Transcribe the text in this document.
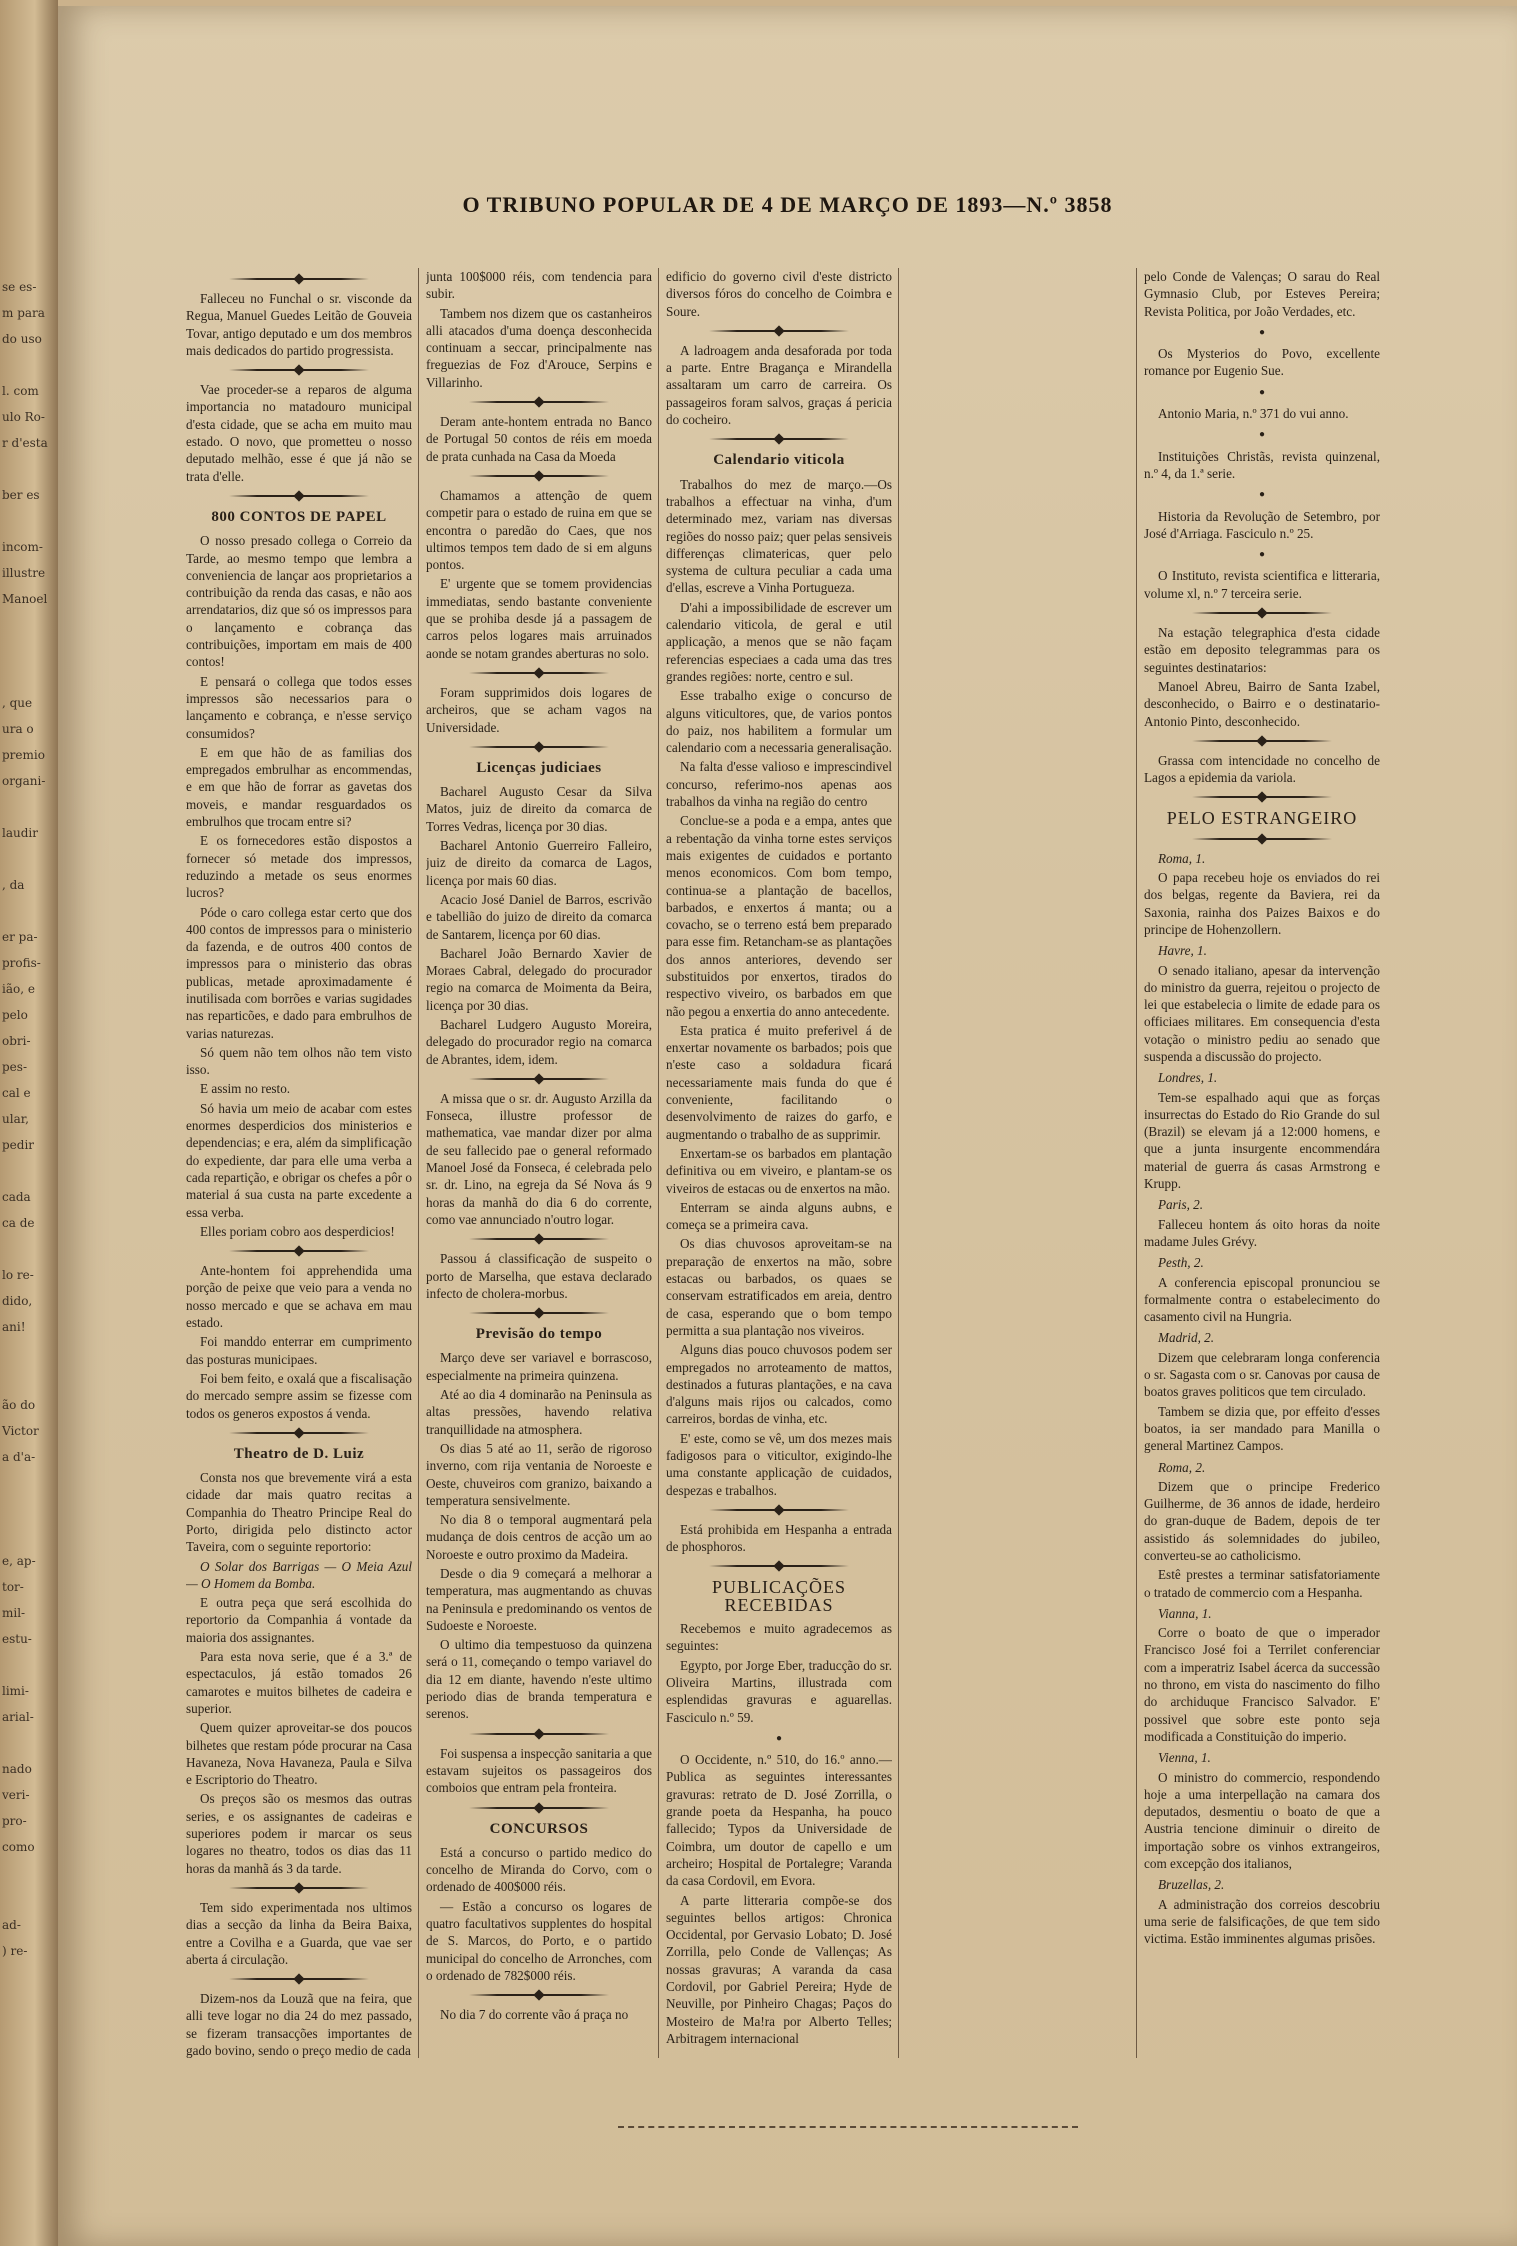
se es-
m para
do uso
l. com
ulo Ro-
r d'esta
ber es
incom-
illustre
Manoel
, que
ura o
premio
organi-
laudir
, da
er pa-
profis-
ião, e
pelo
obri-
pes-
cal e
ular,
pedir
cada
ca de
lo re-
dido,
ani!
ão do
Victor
a d'a-
e, ap-
tor-
mil-
estu-
limi-
arial-
nado
veri-
pro-
como
ad-
) re-
O TRIBUNO POPULAR DE 4 DE MARÇO DE 1893—N.º 3858

Falleceu no Funchal o sr. visconde da Regua, Manuel Guedes Leitão de Gouveia Tovar, antigo deputado e um dos membros mais dedicados do partido progressista.

Vae proceder-se a reparos de alguma importancia no matadouro municipal d'esta cidade, que se acha em muito mau estado. O novo, que prometteu o nosso deputado melhão, esse é que já não se trata d'elle.

800 CONTOS DE PAPEL

O nosso presado collega o Correio da Tarde, ao mesmo tempo que lembra a conveniencia de lançar aos proprietarios a contribuição da renda das casas, e não aos arrendatarios, diz que só os impressos para o lançamento e cobrança das contribuições, importam em mais de 400 contos!

E pensará o collega que todos esses impressos são necessarios para o lançamento e cobrança, e n'esse serviço consumidos?

E em que hão de as familias dos empregados embrulhar as encommendas, e em que hão de forrar as gavetas dos moveis, e mandar resguardados os embrulhos que trocam entre si?

E os fornecedores estão dispostos a fornecer só metade dos impressos, reduzindo a metade os seus enormes lucros?

Póde o caro collega estar certo que dos 400 contos de impressos para o ministerio da fazenda, e de outros 400 contos de impressos para o ministerio das obras publicas, metade aproximadamente é inutilisada com borrões e varias sugidades nas reparticões, e dado para embrulhos de varias naturezas.

Só quem não tem olhos não tem visto isso.

E assim no resto.

Só havia um meio de acabar com estes enormes desperdicios dos ministerios e dependencias; e era, além da simplificação do expediente, dar para elle uma verba a cada repartição, e obrigar os chefes a pôr o material á sua custa na parte excedente a essa verba.

Elles poriam cobro aos desperdicios!

Ante-hontem foi apprehendida uma porção de peixe que veio para a venda no nosso mercado e que se achava em mau estado.

Foi manddo enterrar em cumprimento das posturas municipaes.

Foi bem feito, e oxalá que a fiscalisação do mercado sempre assim se fizesse com todos os generos expostos á venda.

Theatro de D. Luiz

Consta nos que brevemente virá a esta cidade dar mais quatro recitas a Companhia do Theatro Principe Real do Porto, dirigida pelo distincto actor Taveira, com o seguinte reportorio:

O Solar dos Barrigas — O Meia Azul — O Homem da Bomba.

E outra peça que será escolhida do reportorio da Companhia á vontade da maioria dos assignantes.

Para esta nova serie, que é a 3.ª de espectaculos, já estão tomados 26 camarotes e muitos bilhetes de cadeira e superior.

Quem quizer aproveitar-se dos poucos bilhetes que restam póde procurar na Casa Havaneza, Nova Havaneza, Paula e Silva e Escriptorio do Theatro.

Os preços são os mesmos das outras series, e os assignantes de cadeiras e superiores podem ir marcar os seus logares no theatro, todos os dias das 11 horas da manhã ás 3 da tarde.

Tem sido experimentada nos ultimos dias a secção da linha da Beira Baixa, entre a Covilha e a Guarda, que vae ser aberta á circulação.

Dizem-nos da Louzã que na feira, que alli teve logar no dia 24 do mez passado, se fizeram transacções importantes de gado bovino, sendo o preço medio de cada

junta 100$000 réis, com tendencia para subir.

Tambem nos dizem que os castanheiros alli atacados d'uma doença desconhecida continuam a seccar, principalmente nas freguezias de Foz d'Arouce, Serpins e Villarinho.

Deram ante-hontem entrada no Banco de Portugal 50 contos de réis em moeda de prata cunhada na Casa da Moeda

Chamamos a attenção de quem competir para o estado de ruina em que se encontra o paredão do Caes, que nos ultimos tempos tem dado de si em alguns pontos.

E' urgente que se tomem providencias immediatas, sendo bastante conveniente que se prohiba desde já a passagem de carros pelos logares mais arruinados aonde se notam grandes aberturas no solo.

Foram supprimidos dois logares de archeiros, que se acham vagos na Universidade.

Licenças judiciaes

Bacharel Augusto Cesar da Silva Matos, juiz de direito da comarca de Torres Vedras, licença por 30 dias.

Bacharel Antonio Guerreiro Falleiro, juiz de direito da comarca de Lagos, licença por mais 60 dias.

Acacio José Daniel de Barros, escrivão e tabellião do juizo de direito da comarca de Santarem, licença por 60 dias.

Bacharel João Bernardo Xavier de Moraes Cabral, delegado do procurador regio na comarca de Moimenta da Beira, licença por 30 dias.

Bacharel Ludgero Augusto Moreira, delegado do procurador regio na comarca de Abrantes, idem, idem.

A missa que o sr. dr. Augusto Arzilla da Fonseca, illustre professor de mathematica, vae mandar dizer por alma de seu fallecido pae o general reformado Manoel José da Fonseca, é celebrada pelo sr. dr. Lino, na egreja da Sé Nova ás 9 horas da manhã do dia 6 do corrente, como vae annunciado n'outro logar.

Passou á classificação de suspeito o porto de Marselha, que estava declarado infecto de cholera-morbus.

Previsão do tempo

Março deve ser variavel e borrascoso, especialmente na primeira quinzena.

Até ao dia 4 dominarão na Peninsula as altas pressões, havendo relativa tranquillidade na atmosphera.

Os dias 5 até ao 11, serão de rigoroso inverno, com rija ventania de Noroeste e Oeste, chuveiros com granizo, baixando a temperatura sensivelmente.

No dia 8 o temporal augmentará pela mudança de dois centros de acção um ao Noroeste e outro proximo da Madeira.

Desde o dia 9 começará a melhorar a temperatura, mas augmentando as chuvas na Peninsula e predominando os ventos de Sudoeste e Noroeste.

O ultimo dia tempestuoso da quinzena será o 11, começando o tempo variavel do dia 12 em diante, havendo n'este ultimo periodo dias de branda temperatura e serenos.

Foi suspensa a inspecção sanitaria a que estavam sujeitos os passageiros dos comboios que entram pela fronteira.

CONCURSOS

Está a concurso o partido medico do concelho de Miranda do Corvo, com o ordenado de 400$000 réis.

— Estão a concurso os logares de quatro facultativos supplentes do hospital de S. Marcos, do Porto, e o partido municipal do concelho de Arronches, com o ordenado de 782$000 réis.

No dia 7 do corrente vão á praça no

edificio do governo civil d'este districto diversos fóros do concelho de Coimbra e Soure.

A ladroagem anda desaforada por toda a parte. Entre Bragança e Mirandella assaltaram um carro de carreira. Os passageiros foram salvos, graças á pericia do cocheiro.

Calendario viticola

Trabalhos do mez de março.—Os trabalhos a effectuar na vinha, d'um determinado mez, variam nas diversas regiões do nosso paiz; quer pelas sensiveis differenças climatericas, quer pelo systema de cultura peculiar a cada uma d'ellas, escreve a Vinha Portugueza.

D'ahi a impossibilidade de escrever um calendario viticola, de geral e util applicação, a menos que se não façam referencias especiaes a cada uma das tres grandes regiões: norte, centro e sul.

Esse trabalho exige o concurso de alguns viticultores, que, de varios pontos do paiz, nos habilitem a formular um calendario com a necessaria generalisação.

Na falta d'esse valioso e imprescindivel concurso, referimo-nos apenas aos trabalhos da vinha na região do centro

Conclue-se a poda e a empa, antes que a rebentação da vinha torne estes serviços mais exigentes de cuidados e portanto menos economicos. Com bom tempo, continua-se a plantação de bacellos, barbados, e enxertos á manta; ou a covacho, se o terreno está bem preparado para esse fim. Retancham-se as plantações dos annos anteriores, devendo ser substituidos por enxertos, tirados do respectivo viveiro, os barbados em que não pegou a enxertia do anno antecedente.

Esta pratica é muito preferivel á de enxertar novamente os barbados; pois que n'este caso a soldadura ficará necessariamente mais funda do que é conveniente, facilitando o desenvolvimento de raizes do garfo, e augmentando o trabalho de as supprimir.

Enxertam-se os barbados em plantação definitiva ou em viveiro, e plantam-se os viveiros de estacas ou de enxertos na mão.

Enterram se ainda alguns aubns, e começa se a primeira cava.

Os dias chuvosos aproveitam-se na preparação de enxertos na mão, sobre estacas ou barbados, os quaes se conservam estratificados em areia, dentro de casa, esperando que o bom tempo permitta a sua plantação nos viveiros.

Alguns dias pouco chuvosos podem ser empregados no arroteamento de mattos, destinados a futuras plantações, e na cava d'alguns mais rijos ou calcados, como carreiros, bordas de vinha, etc.

E' este, como se vê, um dos mezes mais fadigosos para o viticultor, exigindo-lhe uma constante applicação de cuidados, despezas e trabalhos.

Está prohibida em Hespanha a entrada de phosphoros.

PUBLICAÇÕES RECEBIDAS

Recebemos e muito agradecemos as seguintes:

Egypto, por Jorge Eber, traducção do sr. Oliveira Martins, illustrada com esplendidas gravuras e aguarellas. Fasciculo n.º 59.

●

O Occidente, n.º 510, do 16.º anno.—Publica as seguintes interessantes gravuras: retrato de D. José Zorrilla, o grande poeta da Hespanha, ha pouco fallecido; Typos da Universidade de Coimbra, um doutor de capello e um archeiro; Hospital de Portalegre; Varanda da casa Cordovil, em Evora.

A parte litteraria compõe-se dos seguintes bellos artigos: Chronica Occidental, por Gervasio Lobato; D. José Zorrilla, pelo Conde de Vallenças; As nossas gravuras; A varanda da casa Cordovil, por Gabriel Pereira; Hyde de Neuville, por Pinheiro Chagas; Paços do Mosteiro de Ma!ra por Alberto Telles; Arbitragem internacional

pelo Conde de Valenças; O sarau do Real Gymnasio Club, por Esteves Pereira; Revista Politica, por João Verdades, etc.

●

Os Mysterios do Povo, excellente romance por Eugenio Sue.

●

Antonio Maria, n.º 371 do vui anno.

●

Instituições Christãs, revista quinzenal, n.º 4, da 1.ª serie.

●

Historia da Revolução de Setembro, por José d'Arriaga. Fasciculo n.º 25.

●

O Instituto, revista scientifica e litteraria, volume xl, n.º 7 terceira serie.

Na estação telegraphica d'esta cidade estão em deposito telegrammas para os seguintes destinatarios:

Manoel Abreu, Bairro de Santa Izabel, desconhecido, o Bairro e o destinatario-Antonio Pinto, desconhecido.

Grassa com intencidade no concelho de Lagos a epidemia da variola.

PELO ESTRANGEIRO

Roma, 1.

O papa recebeu hoje os enviados do rei dos belgas, regente da Baviera, rei da Saxonia, rainha dos Paizes Baixos e do principe de Hohenzollern.

Havre, 1.

O senado italiano, apesar da intervenção do ministro da guerra, rejeitou o projecto de lei que estabelecia o limite de edade para os officiaes militares. Em consequencia d'esta votação o ministro pediu ao senado que suspenda a discussão do projecto.

Londres, 1.

Tem-se espalhado aqui que as forças insurrectas do Estado do Rio Grande do sul (Brazil) se elevam já a 12:000 homens, e que a junta insurgente encommendára material de guerra ás casas Armstrong e Krupp.

Paris, 2.

Falleceu hontem ás oito horas da noite madame Jules Grévy.

Pesth, 2.

A conferencia episcopal pronunciou se formalmente contra o estabelecimento do casamento civil na Hungria.

Madrid, 2.

Dizem que celebraram longa conferencia o sr. Sagasta com o sr. Canovas por causa de boatos graves politicos que tem circulado.

Tambem se dizia que, por effeito d'esses boatos, ia ser mandado para Manilla o general Martinez Campos.

Roma, 2.

Dizem que o principe Frederico Guilherme, de 36 annos de idade, herdeiro do gran-duque de Badem, depois de ter assistido ás solemnidades do jubileo, converteu-se ao catholicismo.

Estê prestes a terminar satisfatoriamente o tratado de commercio com a Hespanha.

Vianna, 1.

Corre o boato de que o imperador Francisco José foi a Terrilet conferenciar com a imperatriz Isabel ácerca da successão no throno, em vista do nascimento do filho do archiduque Francisco Salvador. E' possivel que sobre este ponto seja modificada a Constituição do imperio.

Vienna, 1.

O ministro do commercio, respondendo hoje a uma interpellação na camara dos deputados, desmentiu o boato de que a Austria tencione diminuir o direito de importação sobre os vinhos extrangeiros, com excepção dos italianos,

Bruzellas, 2.

A administração dos correios descobriu uma serie de falsificações, de que tem sido victima. Estão imminentes algumas prisões.
